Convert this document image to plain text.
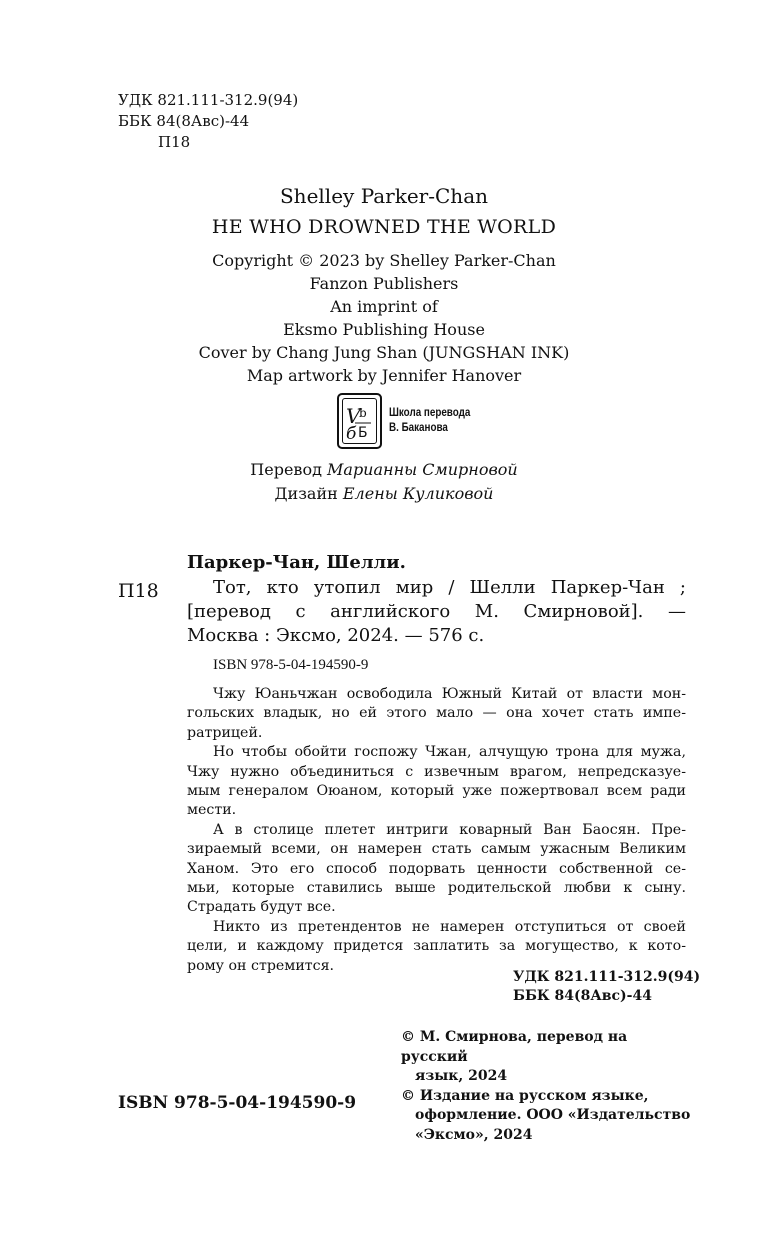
УДК 821.111-312.9(94)
ББК 84(8Авс)-44
П18
Shelley Parker-Chan
HE WHO DROWNED THE WORLD
Copyright © 2023 by Shelley Parker-Chan
Fanzon Publishers
An imprint of
Eksmo Publishing House
Cover by Chang Jung Shan (JUNGSHAN INK)
Map artwork by Jennifer Hanover
V
b
б Б
Школа перевода
В. Баканова
Перевод Марианны Смирновой
Дизайн Елены Куликовой
Паркер-Чан, Шелли.
П18	Тот, кто утопил мир / Шелли Паркер-Чан ;
[перевод с английского М. Смирновой]. —
Москва : Эксмо, 2024. — 576 с.
ISBN 978-5-04-194590-9
Чжу Юаньчжан освободила Южный Китай от власти мон-
гольских владык, но ей этого мало — она хочет стать импе-
ратрицей.
Но чтобы обойти госпожу Чжан, алчущую трона для мужа,
Чжу нужно объединиться с извечным врагом, непредсказуе-
мым генералом Оюаном, который уже пожертвовал всем ради
мести.
А в столице плетет интриги коварный Ван Баосян. Пре-
зираемый всеми, он намерен стать самым ужасным Великим
Ханом. Это его способ подорвать ценности собственной се-
мьи, которые ставились выше родительской любви к сыну.
Страдать будут все.
Никто из претендентов не намерен отступиться от своей
цели, и каждому придется заплатить за могущество, к кото-
рому он стремится.
УДК 821.111-312.9(94)
ББК 84(8Авс)-44
© М. Смирнова, перевод на русский
язык, 2024
© Издание на русском языке,
оформление. ООО «Издательство
«Эксмо», 2024
ISBN 978-5-04-194590-9
